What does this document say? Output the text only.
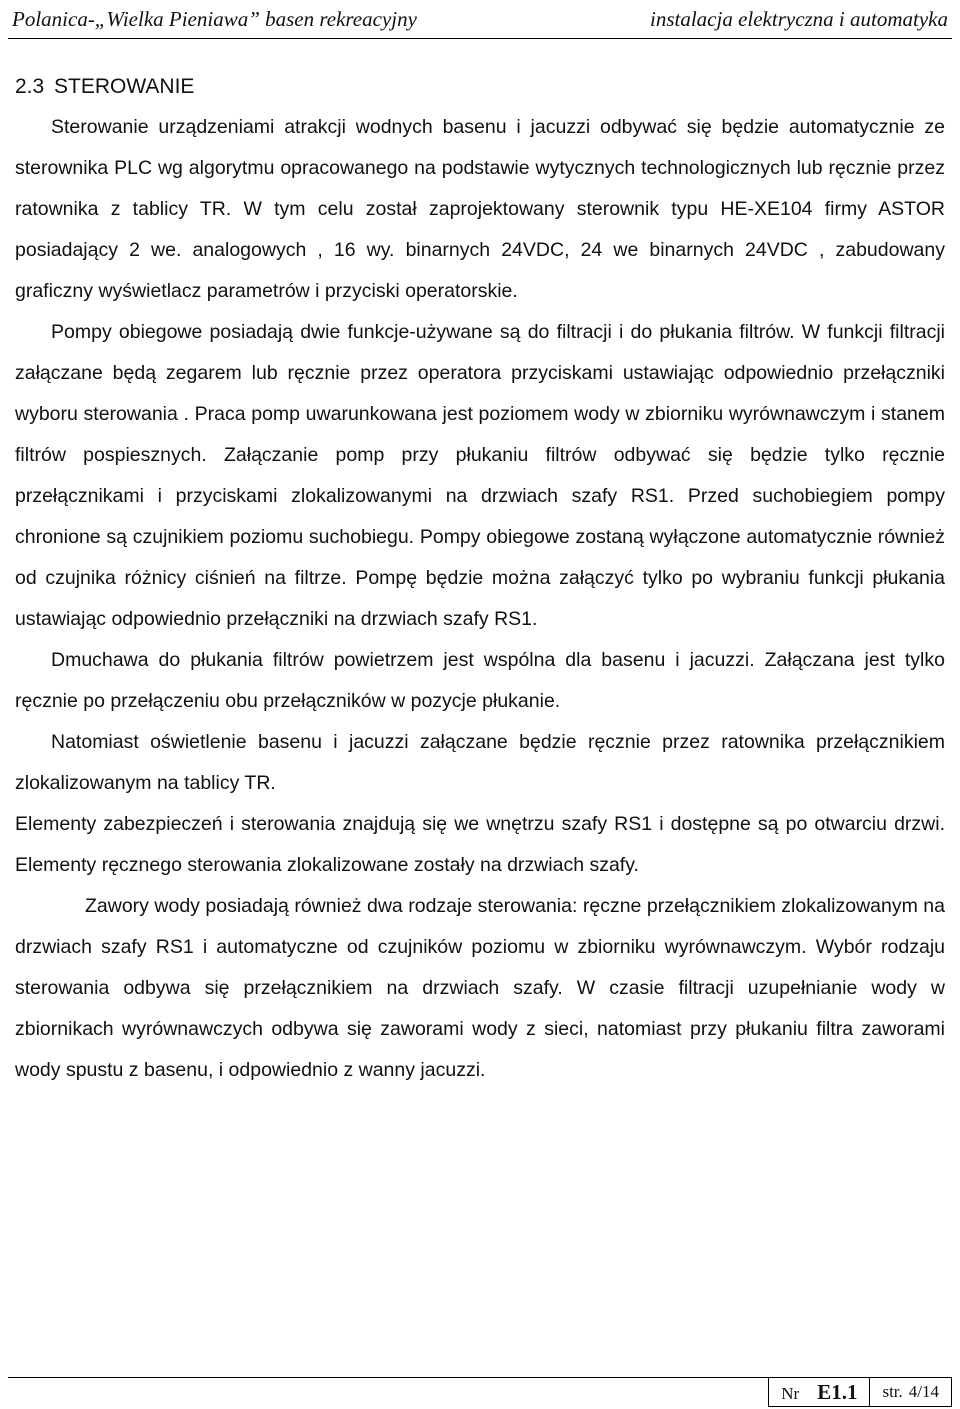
Polanica-„Wielka Pieniawa” basen rekreacyjny	instalacja elektryczna i automatyka
2.3 STEROWANIE

Sterowanie urządzeniami atrakcji wodnych basenu i jacuzzi odbywać się będzie automatycznie ze sterownika PLC wg algorytmu opracowanego na podstawie wytycznych technologicznych lub ręcznie przez ratownika z tablicy TR. W tym celu został zaprojektowany sterownik typu HE-XE104 firmy ASTOR posiadający 2 we. analogowych , 16 wy. binarnych 24VDC, 24 we binarnych 24VDC , zabudowany graficzny wyświetlacz parametrów i przyciski operatorskie.

Pompy obiegowe posiadają dwie funkcje-używane są do filtracji i do płukania filtrów. W funkcji filtracji załączane będą zegarem lub ręcznie przez operatora przyciskami ustawiając odpowiednio przełączniki wyboru sterowania . Praca pomp uwarunkowana jest poziomem wody w zbiorniku wyrównawczym i stanem filtrów pospiesznych. Załączanie pomp przy płukaniu filtrów odbywać się będzie tylko ręcznie przełącznikami i przyciskami zlokalizowanymi na drzwiach szafy RS1. Przed suchobiegiem pompy chronione są czujnikiem poziomu suchobiegu. Pompy obiegowe zostaną wyłączone automatycznie również od czujnika różnicy ciśnień na filtrze. Pompę będzie można załączyć tylko po wybraniu funkcji płukania ustawiając odpowiednio przełączniki na drzwiach szafy RS1.

Dmuchawa do płukania filtrów powietrzem jest wspólna dla basenu i jacuzzi. Załączana jest tylko ręcznie po przełączeniu obu przełączników w pozycje płukanie.

Natomiast oświetlenie basenu i jacuzzi załączane będzie ręcznie przez ratownika przełącznikiem zlokalizowanym na tablicy TR.

Elementy zabezpieczeń i sterowania znajdują się we wnętrzu szafy RS1 i dostępne są po otwarciu drzwi. Elementy ręcznego sterowania zlokalizowane zostały na drzwiach szafy.

Zawory wody posiadają również dwa rodzaje sterowania: ręczne przełącznikiem zlokalizowanym na drzwiach szafy RS1 i automatyczne od czujników poziomu w zbiorniku wyrównawczym. Wybór rodzaju sterowania odbywa się przełącznikiem na drzwiach szafy. W czasie filtracji uzupełnianie wody w zbiornikach wyrównawczych odbywa się zaworami wody z sieci, natomiast przy płukaniu filtra zaworami wody spustu z basenu, i odpowiednio z wanny jacuzzi.

Nr E1.1 str. 4/14
